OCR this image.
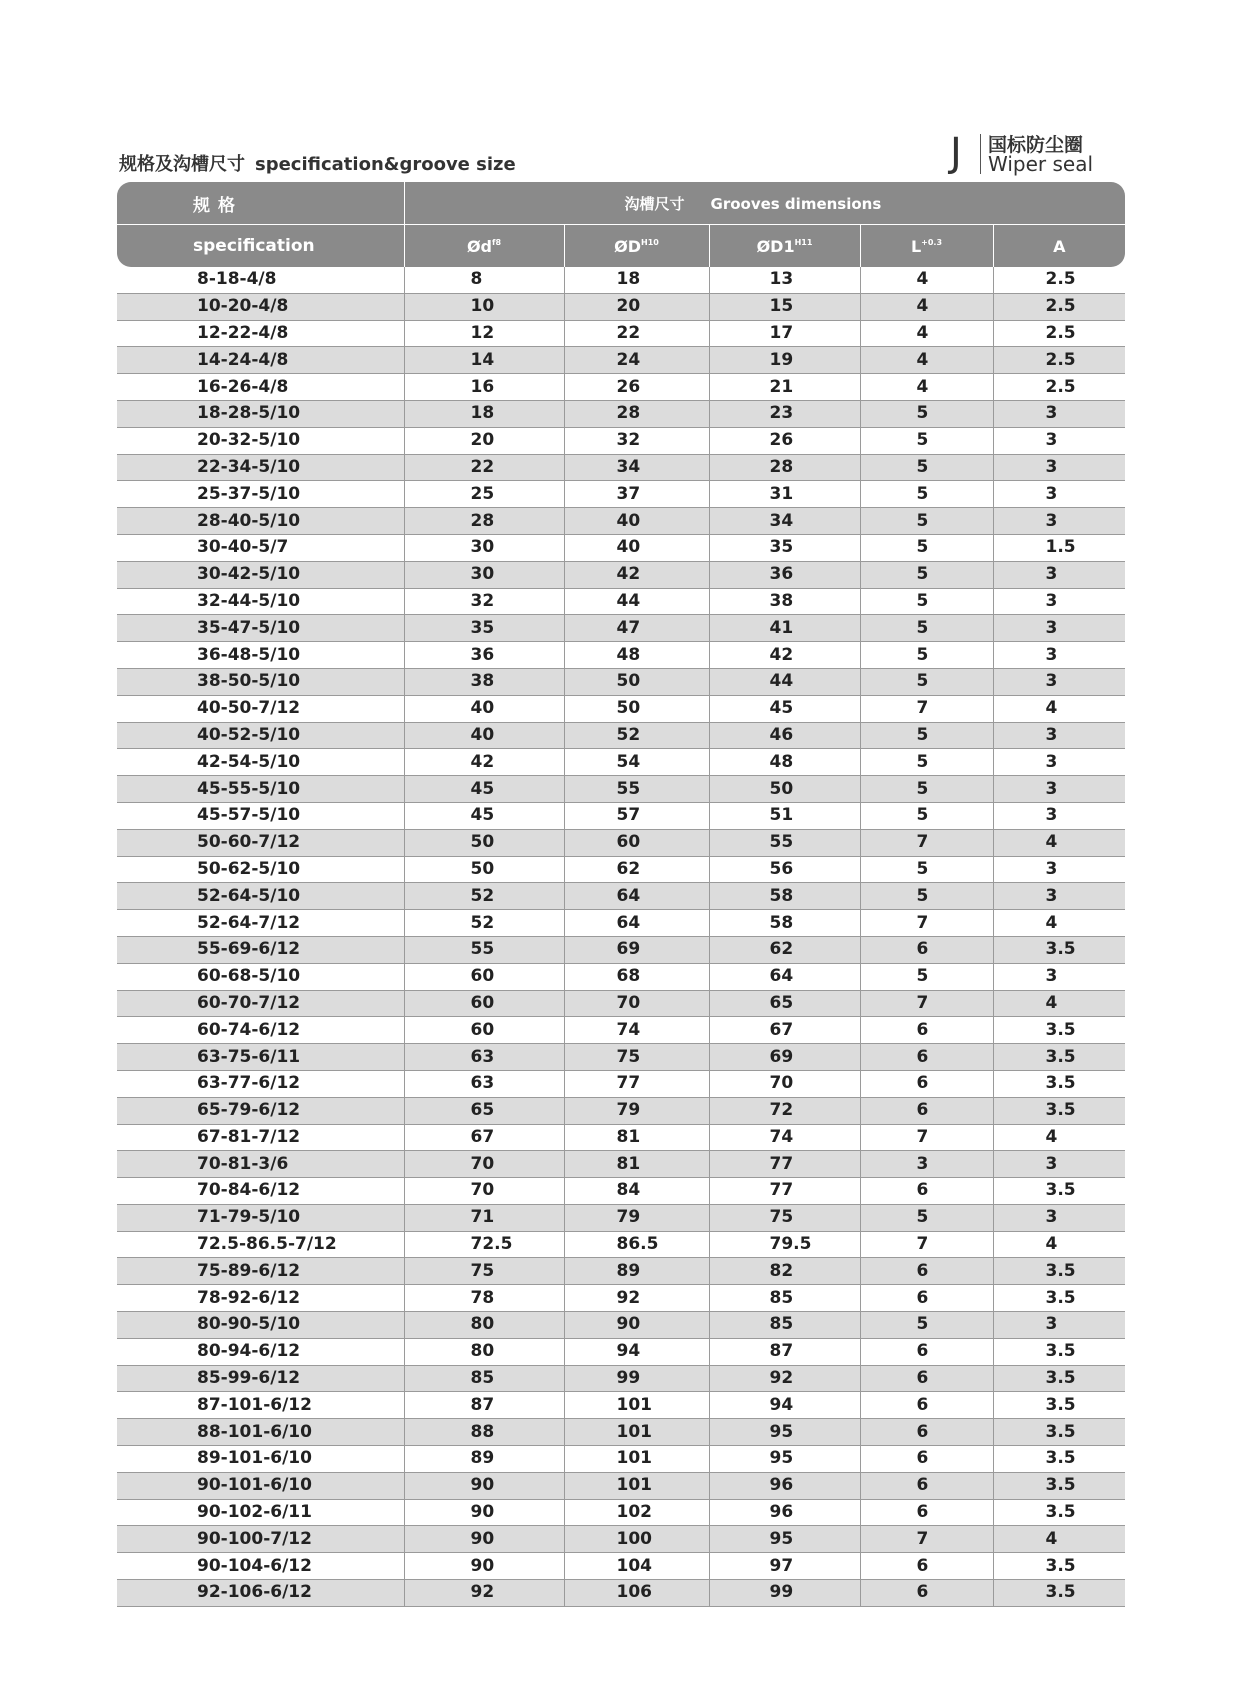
规格及沟槽尺寸 specification&groove size	J 国标防尘圈
Wiper seal
规格	沟槽尺寸 Grooves dimensions				
specification	$Ød^{f8}$	$ØD^{H10}$	$ØD1^{H11}$	$L^{+0.3}$	A
8-18-4/8	8	18	13	4	2.5
10-20-4/8	10	20	15	4	2.5
12-22-4/8	12	22	17	4	2.5
14-24-4/8	14	24	19	4	2.5
16-26-4/8	16	26	21	4	2.5
18-28-5/10	18	28	23	5	3
20-32-5/10	20	32	26	5	3
22-34-5/10	22	34	28	5	3
25-37-5/10	25	37	31	5	3
28-40-5/10	28	40	34	5	3
30-40-5/7	30	40	35	5	1.5
30-42-5/10	30	42	36	5	3
32-44-5/10	32	44	38	5	3
35-47-5/10	35	47	41	5	3
36-48-5/10	36	48	42	5	3
38-50-5/10	38	50	44	5	3
40-50-7/12	40	50	45	7	4
40-52-5/10	40	52	46	5	3
42-54-5/10	42	54	48	5	3
45-55-5/10	45	55	50	5	3
45-57-5/10	45	57	51	5	3
50-60-7/12	50	60	55	7	4
50-62-5/10	50	62	56	5	3
52-64-5/10	52	64	58	5	3
52-64-7/12	52	64	58	7	4
55-69-6/12	55	69	62	6	3.5
60-68-5/10	60	68	64	5	3
60-70-7/12	60	70	65	7	4
60-74-6/12	60	74	67	6	3.5
63-75-6/11	63	75	69	6	3.5
63-77-6/12	63	77	70	6	3.5
65-79-6/12	65	79	72	6	3.5
67-81-7/12	67	81	74	7	4
70-81-3/6	70	81	77	3	3
70-84-6/12	70	84	77	6	3.5
71-79-5/10	71	79	75	5	3
72.5-86.5-7/12	72.5	86.5	79.5	7	4
75-89-6/12	75	89	82	6	3.5
78-92-6/12	78	92	85	6	3.5
80-90-5/10	80	90	85	5	3
80-94-6/12	80	94	87	6	3.5
85-99-6/12	85	99	92	6	3.5
87-101-6/12	87	101	94	6	3.5
88-101-6/10	88	101	95	6	3.5
89-101-6/10	89	101	95	6	3.5
90-101-6/10	90	101	96	6	3.5
90-102-6/11	90	102	96	6	3.5
90-100-7/12	90	100	95	7	4
90-104-6/12	90	104	97	6	3.5
92-106-6/12	92	106	99	6	3.5
